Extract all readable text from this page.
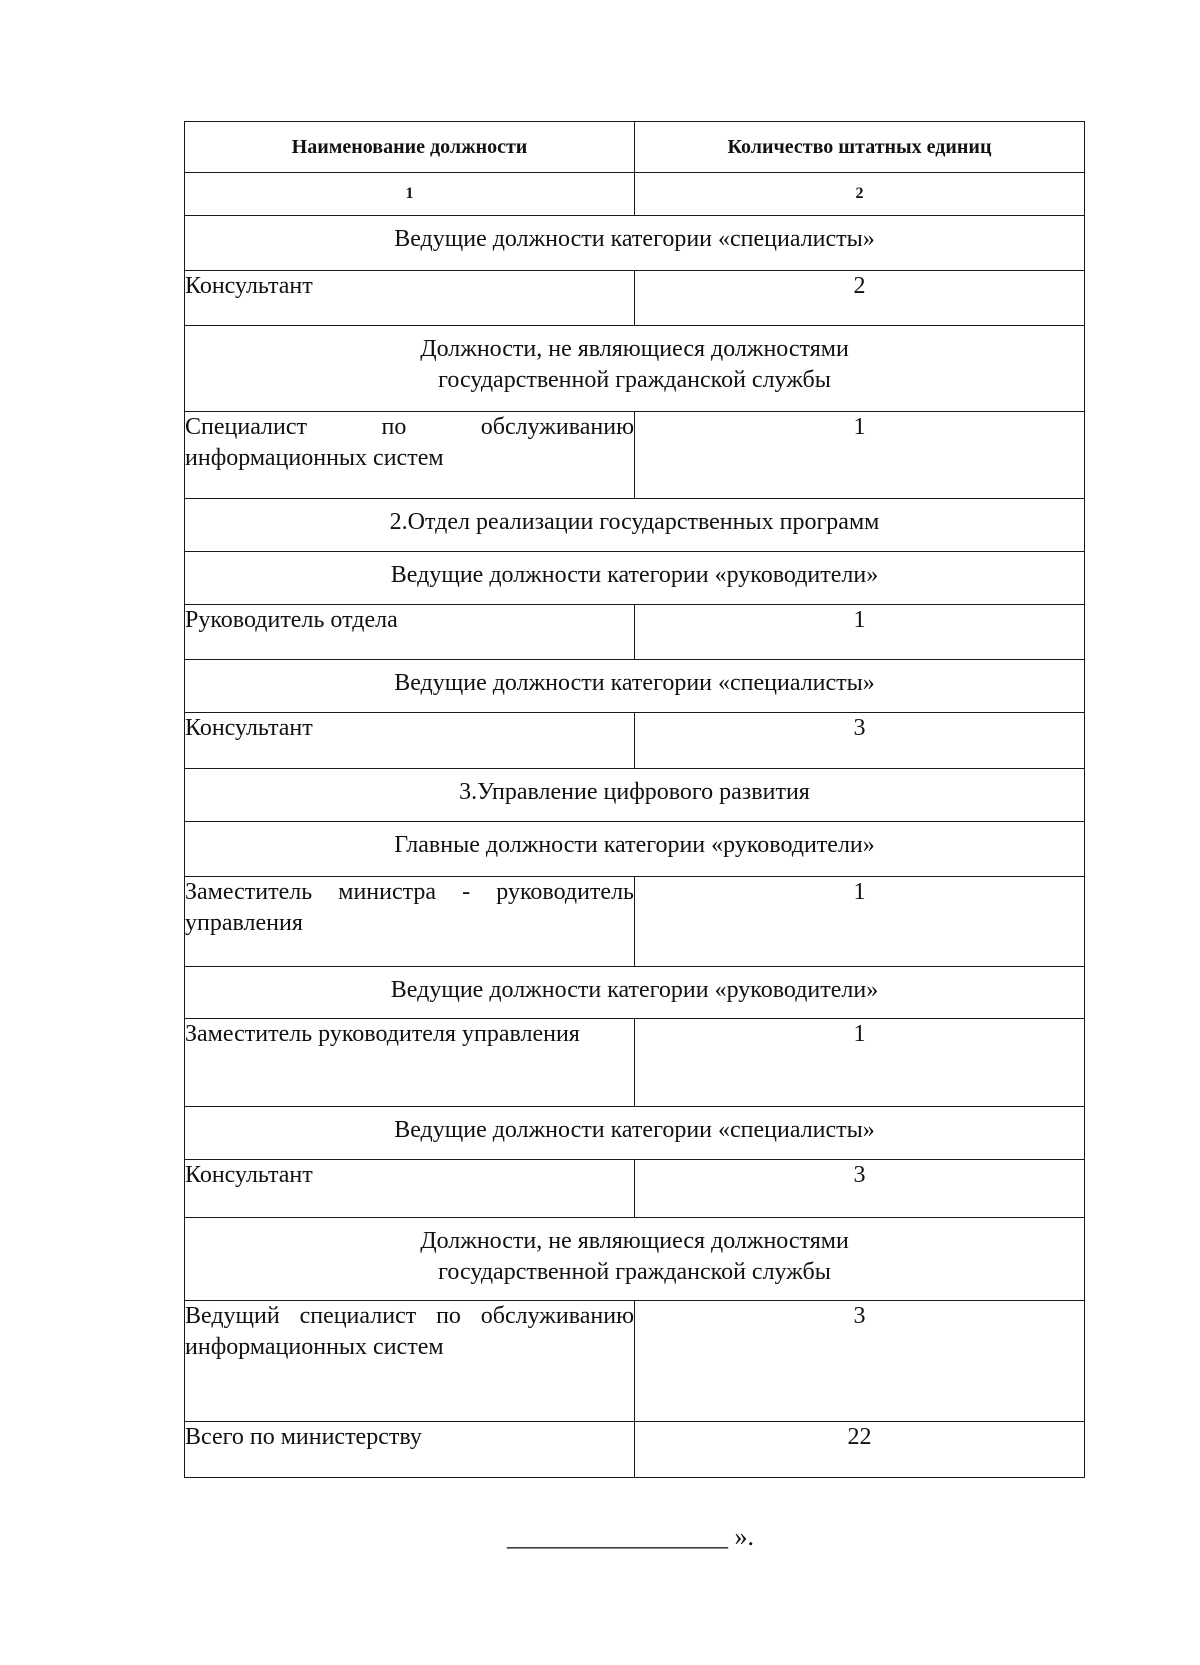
Наименование должности	Количество штатных единиц
1	2
Ведущие должности категории «специалисты»	
Консультант	2
Должности, не являющиеся должностями
государственной гражданской службы	
Специалист по обслуживанию информационных систем	1
2.Отдел реализации государственных программ	
Ведущие должности категории «руководители»	
Руководитель отдела	1
Ведущие должности категории «специалисты»	
Консультант	3
3.Управление цифрового развития	
Главные должности категории «руководители»	
Заместитель министра - руководитель управления	1
Ведущие должности категории «руководители»	
Заместитель руководителя управления	1
Ведущие должности категории «специалисты»	
Консультант	3
Должности, не являющиеся должностями
государственной гражданской службы	
Ведущий специалист по обслуживанию информационных систем	3
Всего по министерству	22
_________________ ».
